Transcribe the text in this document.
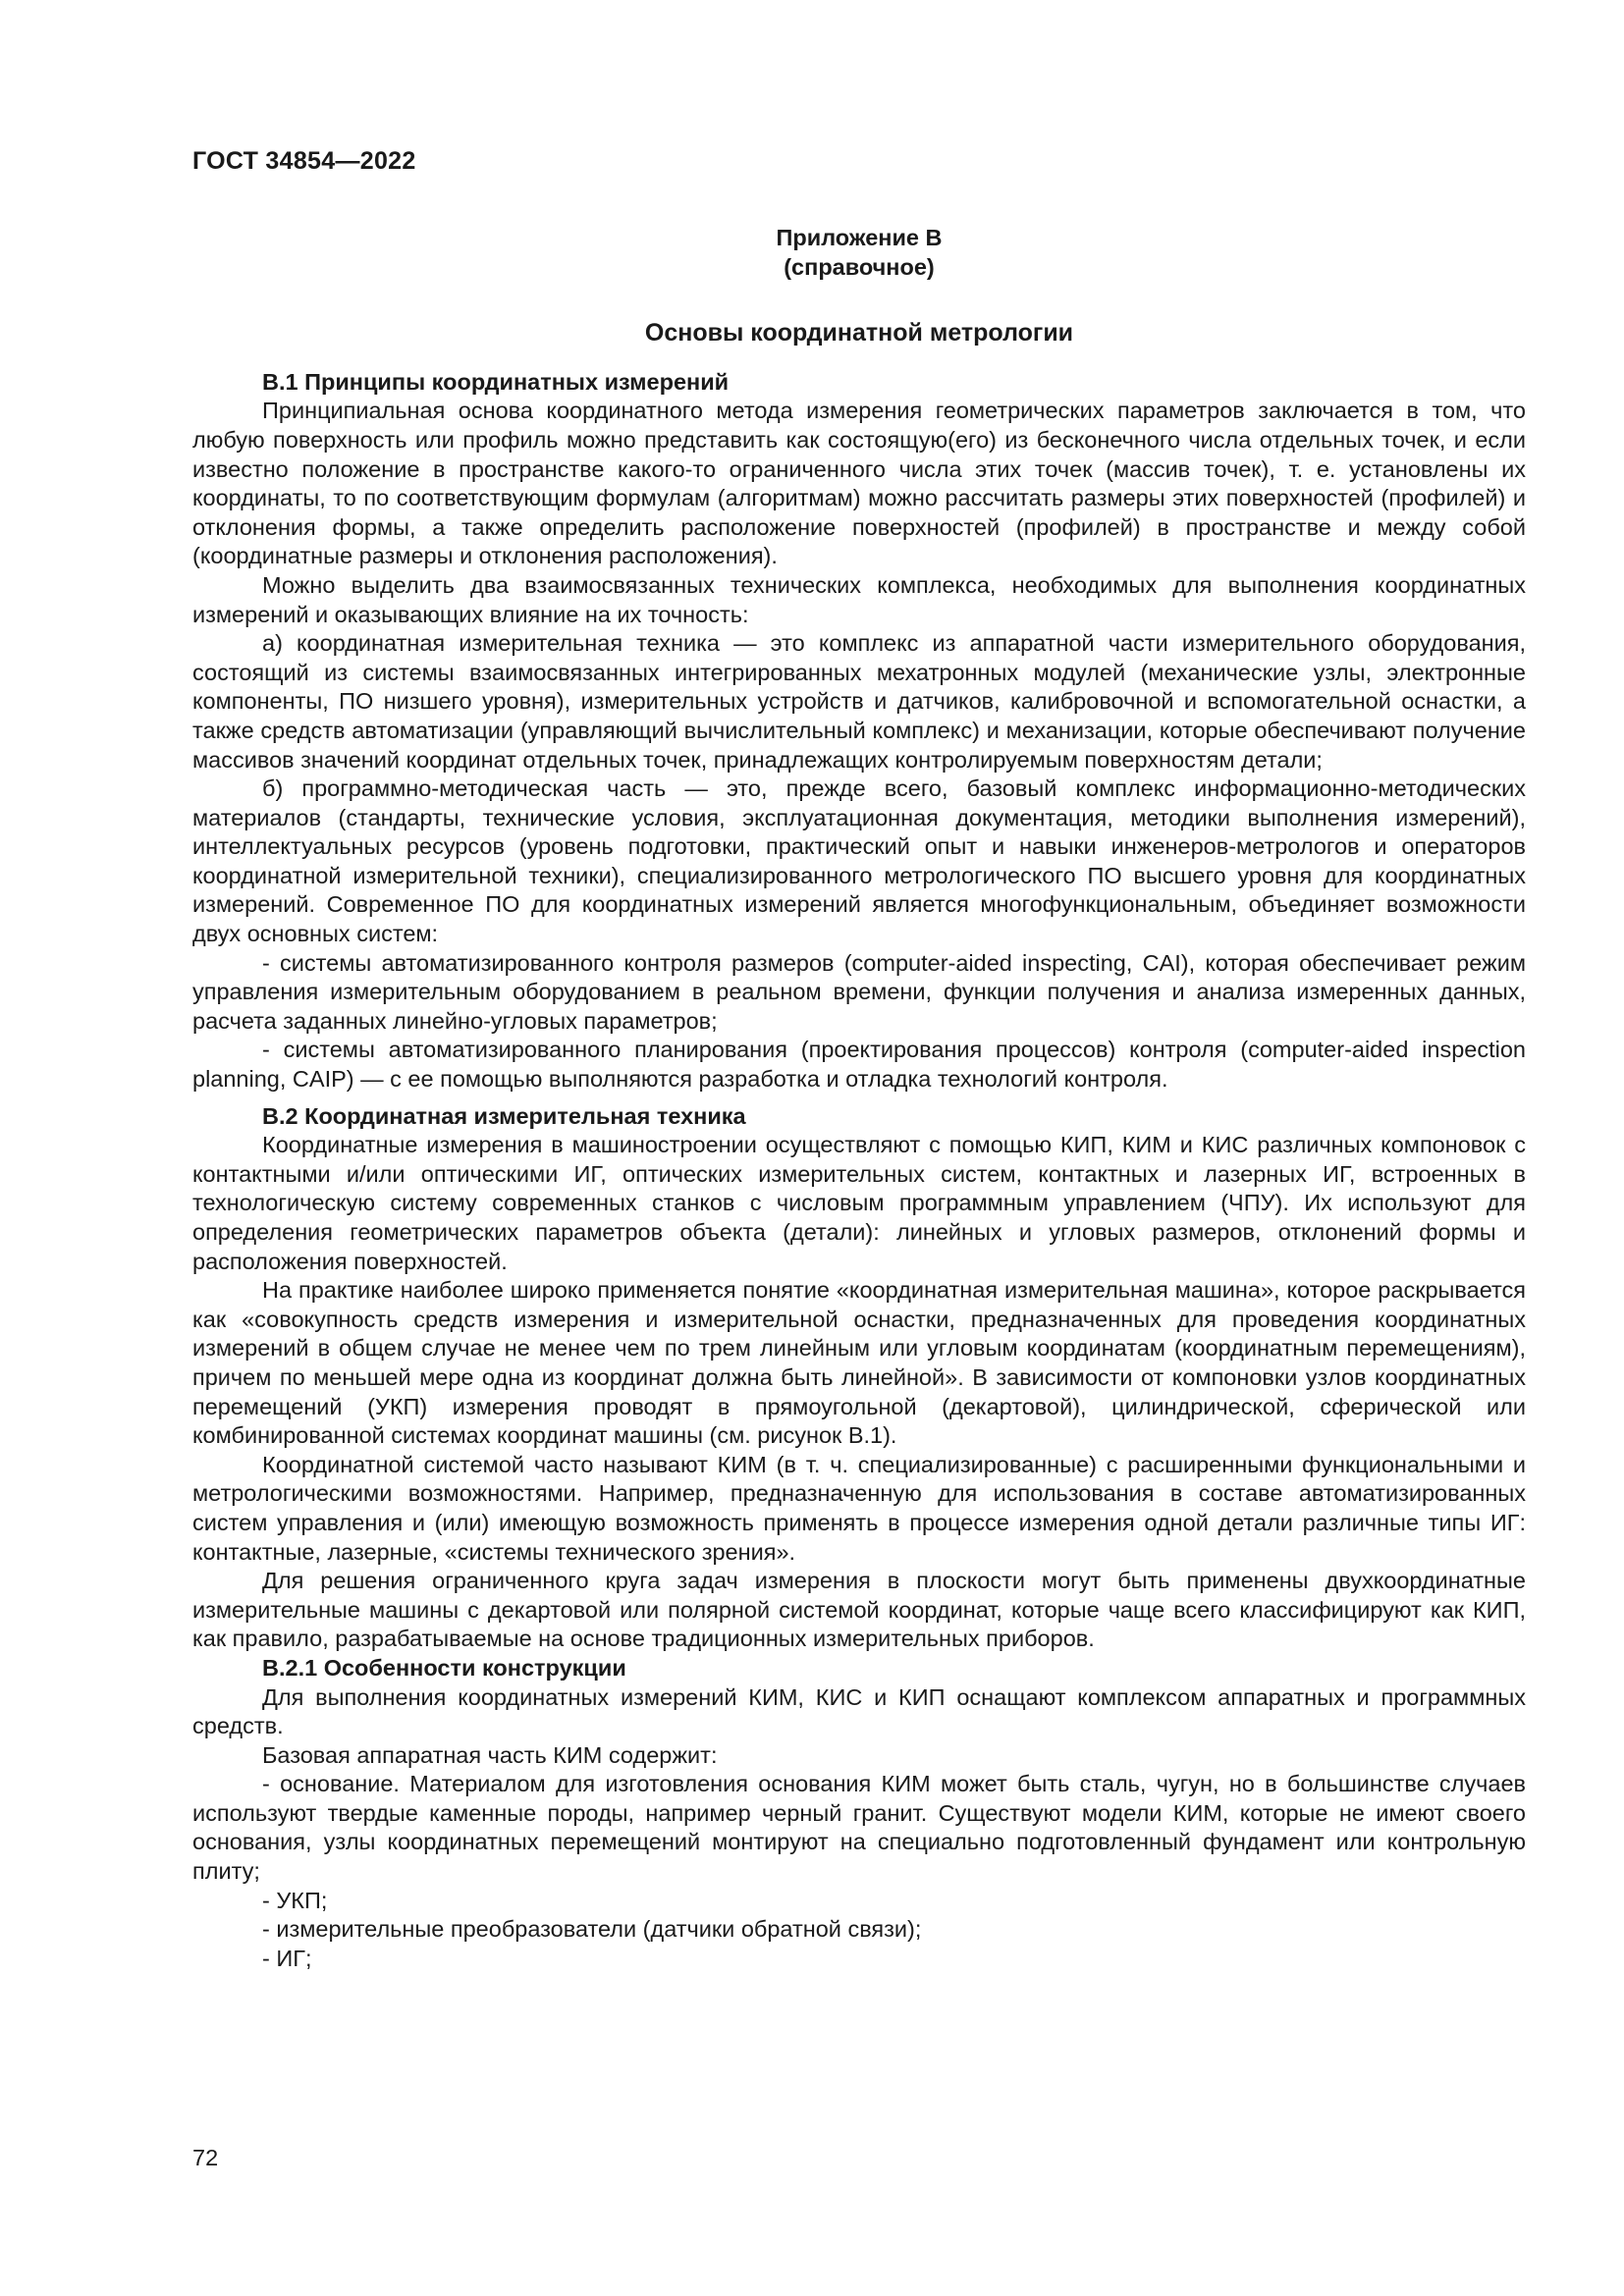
ГОСТ 34854—2022
Приложение В
(справочное)
Основы координатной метрологии
В.1 Принципы координатных измерений

Принципиальная основа координатного метода измерения геометрических параметров заключается в том, что любую поверхность или профиль можно представить как состоящую(его) из бесконечного числа отдельных точек, и если известно положение в пространстве какого-то ограниченного числа этих точек (массив точек), т. е. установлены их координаты, то по соответствующим формулам (алгоритмам) можно рассчитать размеры этих поверхностей (профилей) и отклонения формы, а также определить расположение поверхностей (профилей) в пространстве и между собой (координатные размеры и отклонения расположения).

Можно выделить два взаимосвязанных технических комплекса, необходимых для выполнения координатных измерений и оказывающих влияние на их точность:

а) координатная измерительная техника — это комплекс из аппаратной части измерительного оборудования, состоящий из системы взаимосвязанных интегрированных мехатронных модулей (механические узлы, электронные компоненты, ПО низшего уровня), измерительных устройств и датчиков, калибровочной и вспомогательной оснастки, а также средств автоматизации (управляющий вычислительный комплекс) и механизации, которые обеспечивают получение массивов значений координат отдельных точек, принадлежащих контролируемым поверхностям детали;

б) программно-методическая часть — это, прежде всего, базовый комплекс информационно-методических материалов (стандарты, технические условия, эксплуатационная документация, методики выполнения измерений), интеллектуальных ресурсов (уровень подготовки, практический опыт и навыки инженеров-метрологов и операторов координатной измерительной техники), специализированного метрологического ПО высшего уровня для координатных измерений. Современное ПО для координатных измерений является многофункциональным, объединяет возможности двух основных систем:

- системы автоматизированного контроля размеров (computer-aided inspecting, CAI), которая обеспечивает режим управления измерительным оборудованием в реальном времени, функции получения и анализа измеренных данных, расчета заданных линейно-угловых параметров;

- системы автоматизированного планирования (проектирования процессов) контроля (computer-aided inspection planning, CAIP) — с ее помощью выполняются разработка и отладка технологий контроля.

В.2 Координатная измерительная техника

Координатные измерения в машиностроении осуществляют с помощью КИП, КИМ и КИС различных компоновок с контактными и/или оптическими ИГ, оптических измерительных систем, контактных и лазерных ИГ, встроенных в технологическую систему современных станков с числовым программным управлением (ЧПУ). Их используют для определения геометрических параметров объекта (детали): линейных и угловых размеров, отклонений формы и расположения поверхностей.

На практике наиболее широко применяется понятие «координатная измерительная машина», которое раскрывается как «совокупность средств измерения и измерительной оснастки, предназначенных для проведения координатных измерений в общем случае не менее чем по трем линейным или угловым координатам (координатным перемещениям), причем по меньшей мере одна из координат должна быть линейной». В зависимости от компоновки узлов координатных перемещений (УКП) измерения проводят в прямоугольной (декартовой), цилиндрической, сферической или комбинированной системах координат машины (см. рисунок В.1).

Координатной системой часто называют КИМ (в т. ч. специализированные) с расширенными функциональными и метрологическими возможностями. Например, предназначенную для использования в составе автоматизированных систем управления и (или) имеющую возможность применять в процессе измерения одной детали различные типы ИГ: контактные, лазерные, «системы технического зрения».

Для решения ограниченного круга задач измерения в плоскости могут быть применены двухкоординатные измерительные машины с декартовой или полярной системой координат, которые чаще всего классифицируют как КИП, как правило, разрабатываемые на основе традиционных измерительных приборов.

В.2.1 Особенности конструкции

Для выполнения координатных измерений КИМ, КИС и КИП оснащают комплексом аппаратных и программных средств.

Базовая аппаратная часть КИМ содержит:

- основание. Материалом для изготовления основания КИМ может быть сталь, чугун, но в большинстве случаев используют твердые каменные породы, например черный гранит. Существуют модели КИМ, которые не имеют своего основания, узлы координатных перемещений монтируют на специально подготовленный фундамент или контрольную плиту;

- УКП;

- измерительные преобразователи (датчики обратной связи);

- ИГ;

72
